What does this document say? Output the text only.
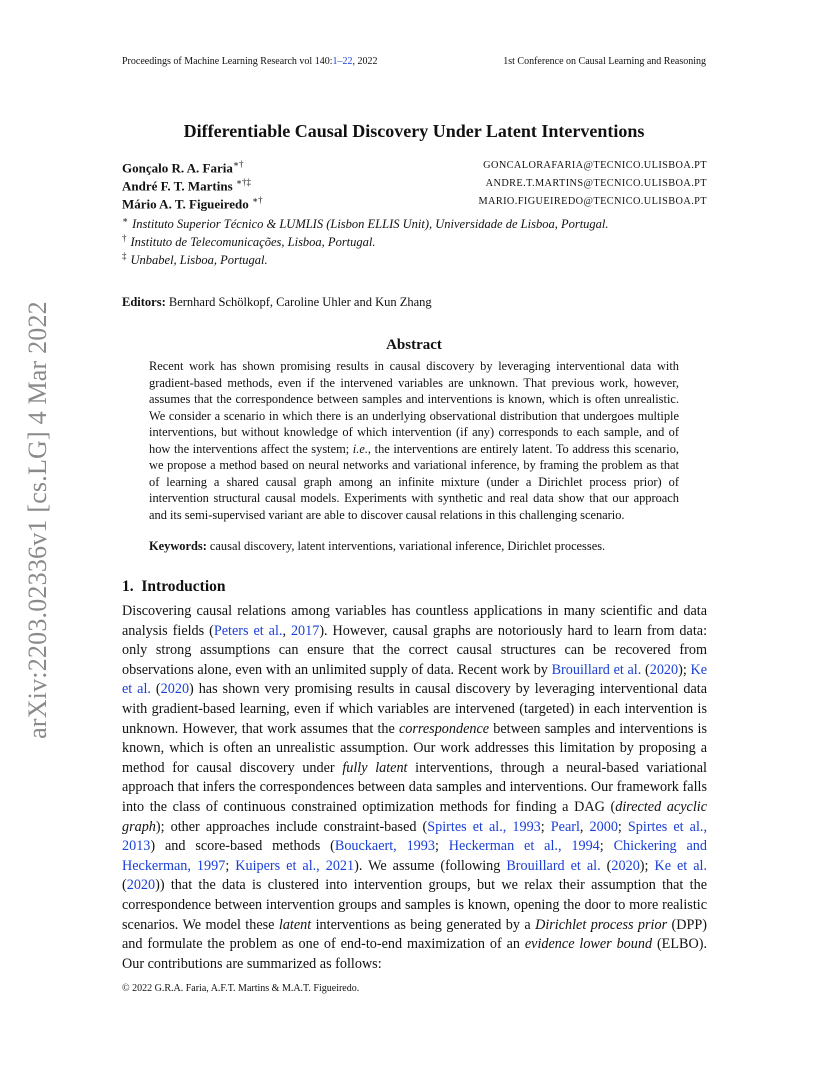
Proceedings of Machine Learning Research vol 140:1–22, 2022	1st Conference on Causal Learning and Reasoning
arXiv:2203.02336v1 [cs.LG] 4 Mar 2022
Differentiable Causal Discovery Under Latent Interventions
Gonçalo R. A. Faria∗†	GONCALORAFARIA@TECNICO.ULISBOA.PT
André F. T. Martins ∗†‡	ANDRE.T.MARTINS@TECNICO.ULISBOA.PT
Mário A. T. Figueiredo ∗†	MARIO.FIGUEIREDO@TECNICO.ULISBOA.PT
∗ Instituto Superior Técnico & LUMLIS (Lisbon ELLIS Unit), Universidade de Lisboa, Portugal.
† Instituto de Telecomunicações, Lisboa, Portugal.
‡ Unbabel, Lisboa, Portugal.
Editors: Bernhard Schölkopf, Caroline Uhler and Kun Zhang
Abstract

Recent work has shown promising results in causal discovery by leveraging interventional data with gradient-based methods, even if the intervened variables are unknown. That previous work, however, assumes that the correspondence between samples and interventions is known, which is often unrealistic. We consider a scenario in which there is an underlying observational distribution that undergoes multiple interventions, but without knowledge of which intervention (if any) corresponds to each sample, and of how the interventions affect the system; i.e., the interventions are entirely latent. To address this scenario, we propose a method based on neural networks and variational inference, by framing the problem as that of learning a shared causal graph among an infinite mixture (under a Dirichlet process prior) of intervention structural causal models. Experiments with synthetic and real data show that our approach and its semi-supervised variant are able to discover causal relations in this challenging scenario.

Keywords: causal discovery, latent interventions, variational inference, Dirichlet processes.
1. Introduction

Discovering causal relations among variables has countless applications in many scientific and data analysis fields (Peters et al., 2017). However, causal graphs are notoriously hard to learn from data: only strong assumptions can ensure that the correct causal structures can be recovered from observations alone, even with an unlimited supply of data. Recent work by Brouillard et al. (2020); Ke et al. (2020) has shown very promising results in causal discovery by leveraging interventional data with gradient-based learning, even if which variables are intervened (targeted) in each intervention is unknown. However, that work assumes that the correspondence between samples and interventions is known, which is often an unrealistic assumption. Our work addresses this limitation by proposing a method for causal discovery under fully latent interventions, through a neural-based variational approach that infers the correspondences between data samples and interventions. Our framework falls into the class of continuous constrained optimization methods for finding a DAG (directed acyclic graph); other approaches include constraint-based (Spirtes et al., 1993; Pearl, 2000; Spirtes et al., 2013) and score-based methods (Bouckaert, 1993; Heckerman et al., 1994; Chickering and Heckerman, 1997; Kuipers et al., 2021). We assume (following Brouillard et al. (2020); Ke et al. (2020)) that the data is clustered into intervention groups, but we relax their assumption that the correspondence between intervention groups and samples is known, opening the door to more realistic scenarios. We model these latent interventions as being generated by a Dirichlet process prior (DPP) and formulate the problem as one of end-to-end maximization of an evidence lower bound (ELBO). Our contributions are summarized as follows:

© 2022 G.R.A. Faria, A.F.T. Martins & M.A.T. Figueiredo.
